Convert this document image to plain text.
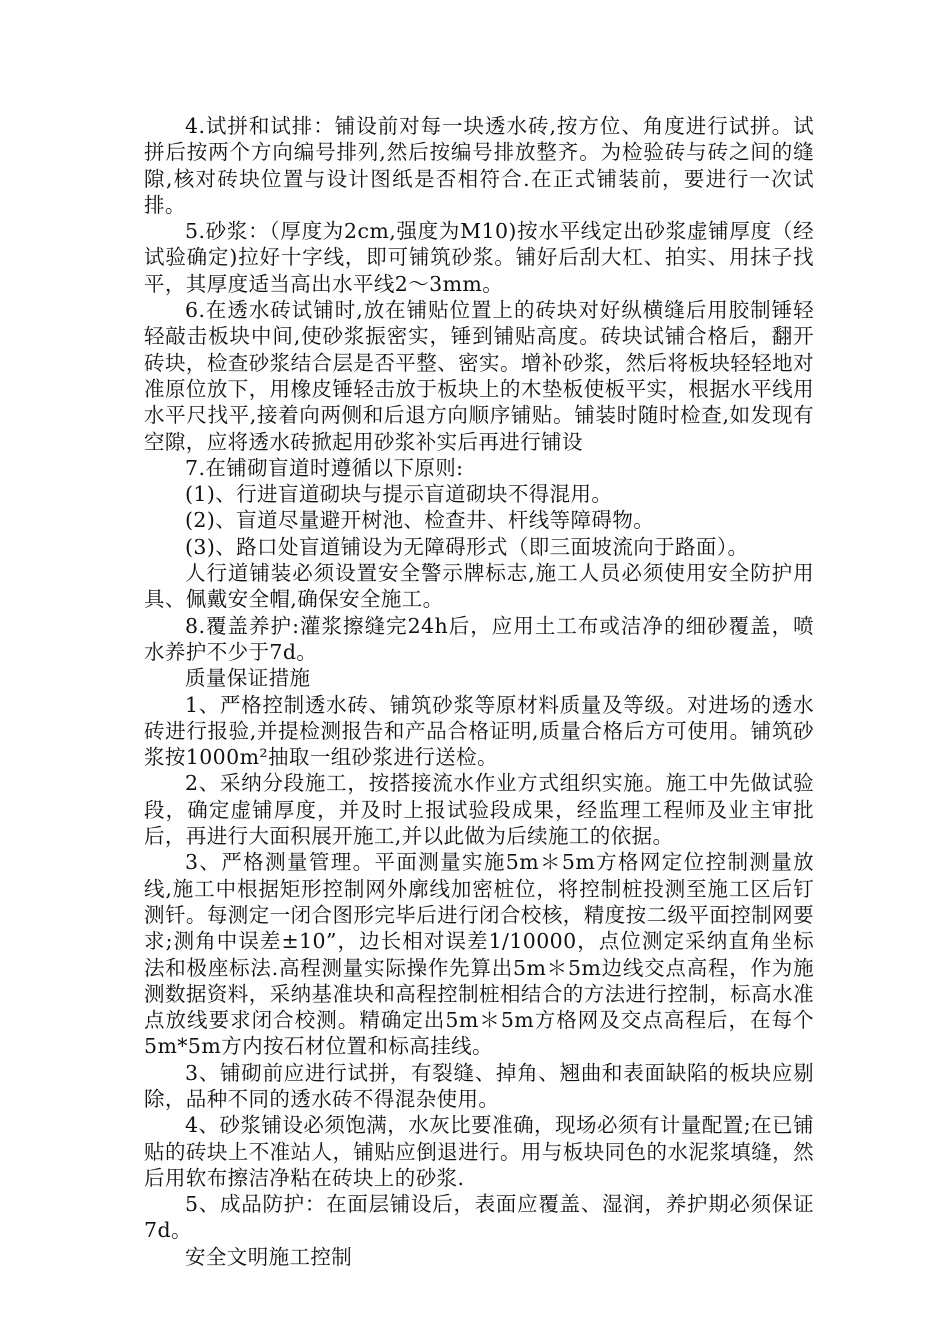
4.试拼和试排：铺设前对每一块透水砖,按方位、角度进行试拼。试拼后按两个方向编号排列,然后按编号排放整齐。为检验砖与砖之间的缝隙,核对砖块位置与设计图纸是否相符合.在正式铺装前，要进行一次试排。

5.砂浆：（厚度为2cm,强度为M10)按水平线定出砂浆虚铺厚度（经试验确定)拉好十字线，即可铺筑砂浆。铺好后刮大杠、拍实、用抹子找平，其厚度适当高出水平线2～3mm。

6.在透水砖试铺时,放在铺贴位置上的砖块对好纵横缝后用胶制锤轻轻敲击板块中间,使砂浆振密实，锤到铺贴高度。砖块试铺合格后，翻开砖块，检查砂浆结合层是否平整、密实。增补砂浆，然后将板块轻轻地对准原位放下，用橡皮锤轻击放于板块上的木垫板使板平实，根据水平线用水平尺找平,接着向两侧和后退方向顺序铺贴。铺装时随时检查,如发现有空隙，应将透水砖掀起用砂浆补实后再进行铺设

7.在铺砌盲道时遵循以下原则:

(1)、行进盲道砌块与提示盲道砌块不得混用。

(2)、盲道尽量避开树池、检查井、杆线等障碍物。

(3)、路口处盲道铺设为无障碍形式（即三面坡流向于路面）。

人行道铺装必须设置安全警示牌标志,施工人员必须使用安全防护用具、佩戴安全帽,确保安全施工。

8.覆盖养护:灌浆擦缝完24h后，应用土工布或洁净的细砂覆盖，喷水养护不少于7d。

质量保证措施

1、严格控制透水砖、铺筑砂浆等原材料质量及等级。对进场的透水砖进行报验,并提检测报告和产品合格证明,质量合格后方可使用。铺筑砂浆按1000m²抽取一组砂浆进行送检。

2、采纳分段施工，按搭接流水作业方式组织实施。施工中先做试验段，确定虚铺厚度，并及时上报试验段成果，经监理工程师及业主审批后，再进行大面积展开施工,并以此做为后续施工的依据。

3、严格测量管理。平面测量实施5m＊5m方格网定位控制测量放线,施工中根据矩形控制网外廓线加密桩位，将控制桩投测至施工区后钉测钎。每测定一闭合图形完毕后进行闭合校核，精度按二级平面控制网要求;测角中误差±10”，边长相对误差1/10000，点位测定采纳直角坐标法和极座标法.高程测量实际操作先算出5m＊5m边线交点高程，作为施测数据资料，采纳基准块和高程控制桩相结合的方法进行控制，标高水准点放线要求闭合校测。精确定出5m＊5m方格网及交点高程后，在每个5m*5m方内按石材位置和标高挂线。

3、铺砌前应进行试拼，有裂缝、掉角、翘曲和表面缺陷的板块应剔除，品种不同的透水砖不得混杂使用。

4、砂浆铺设必须饱满，水灰比要准确，现场必须有计量配置;在已铺贴的砖块上不准站人，铺贴应倒退进行。用与板块同色的水泥浆填缝，然后用软布擦洁净粘在砖块上的砂浆.

5、成品防护：在面层铺设后，表面应覆盖、湿润，养护期必须保证7d。

安全文明施工控制
